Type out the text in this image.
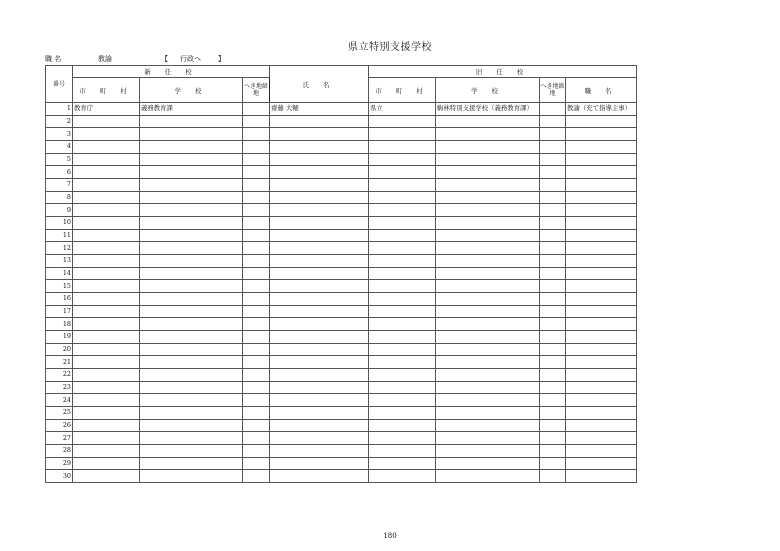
県立特別支援学校
職 名	教諭	【 行政へ 】
番号	新 任 校			氏 名	旧 任 校			
	市 町 村	学 校	へき地級地		市 町 村	学 校	へき地級地	職 名
1	教育庁	義務教育課		齋藤 大輔	県立	駒林特別支援学校（義務教育課）		教諭（充て指導主事）
2								
3								
4								
5								
6								
7								
8								
9								
10								
11								
12								
13								
14								
15								
16								
17								
18								
19								
20								
21								
22								
23								
24								
25								
26								
27								
28								
29								
30								
180
